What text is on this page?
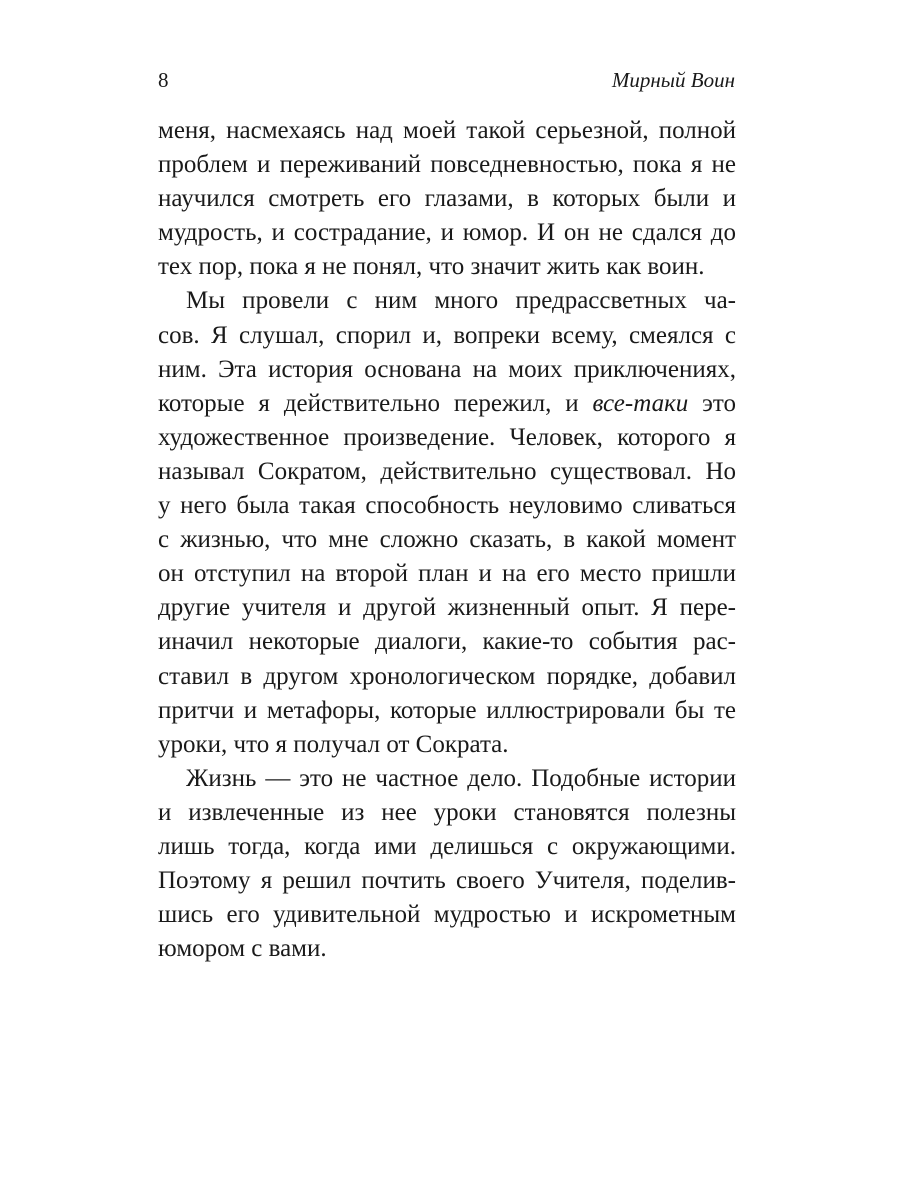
8	Мирный Воин
меня, насмехаясь над моей такой серьезной, полной
проблем и переживаний повседневностью, пока я не
научился смотреть его глазами, в которых были и
мудрость, и сострадание, и юмор. И он не сдался до
тех пор, пока я не понял, что значит жить как воин.
Мы провели с ним много предрассветных ча-
сов. Я слушал, спорил и, вопреки всему, смеялся с
ним. Эта история основана на моих приключениях,
которые я действительно пережил, и все-таки это
художественное произведение. Человек, которого я
называл Сократом, действительно существовал. Но
у него была такая способность неуловимо сливаться
с жизнью, что мне сложно сказать, в какой момент
он отступил на второй план и на его место пришли
другие учителя и другой жизненный опыт. Я пере-
иначил некоторые диалоги, какие-то события рас-
ставил в другом хронологическом порядке, добавил
притчи и метафоры, которые иллюстрировали бы те
уроки, что я получал от Сократа.
Жизнь — это не частное дело. Подобные истории
и извлеченные из нее уроки становятся полезны
лишь тогда, когда ими делишься с окружающими.
Поэтому я решил почтить своего Учителя, поделив-
шись его удивительной мудростью и искрометным
юмором с вами.
